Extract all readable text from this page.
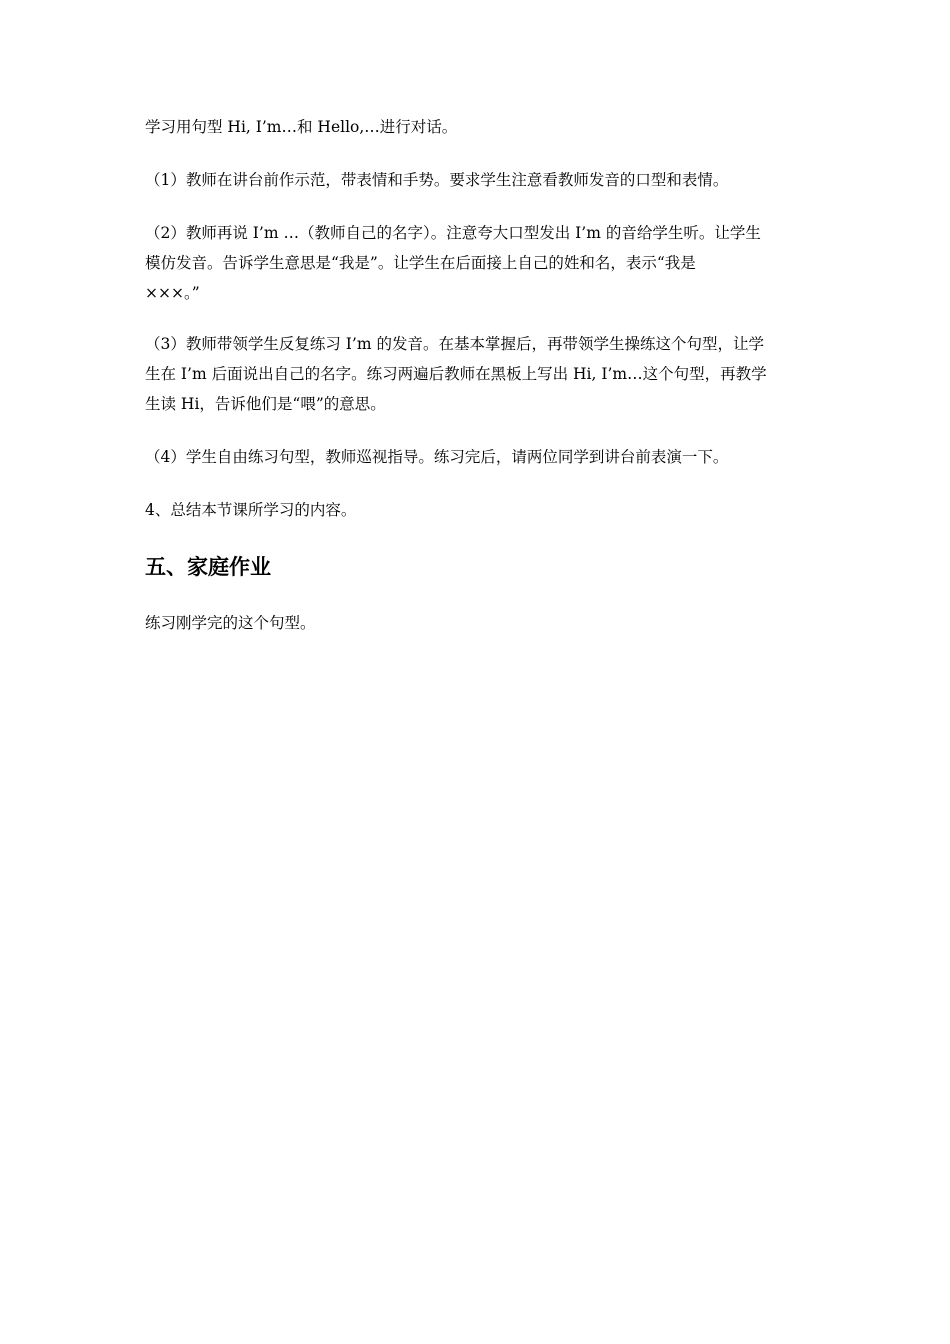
学习用句型 Hi, I’m…和 Hello,…进行对话。

（1）教师在讲台前作示范，带表情和手势。要求学生注意看教师发音的口型和表情。

（2）教师再说 I’m …（教师自己的名字）。注意夸大口型发出 I’m 的音给学生听。让学生
模仿发音。告诉学生意思是“我是”。让学生在后面接上自己的姓和名，表示“我是
×××。”

（3）教师带领学生反复练习 I’m 的发音。在基本掌握后，再带领学生操练这个句型，让学
生在 I’m 后面说出自己的名字。练习两遍后教师在黑板上写出 Hi, I’m…这个句型，再教学
生读 Hi，告诉他们是“喂”的意思。

（4）学生自由练习句型，教师巡视指导。练习完后，请两位同学到讲台前表演一下。

4、总结本节课所学习的内容。

五、家庭作业

练习刚学完的这个句型。
